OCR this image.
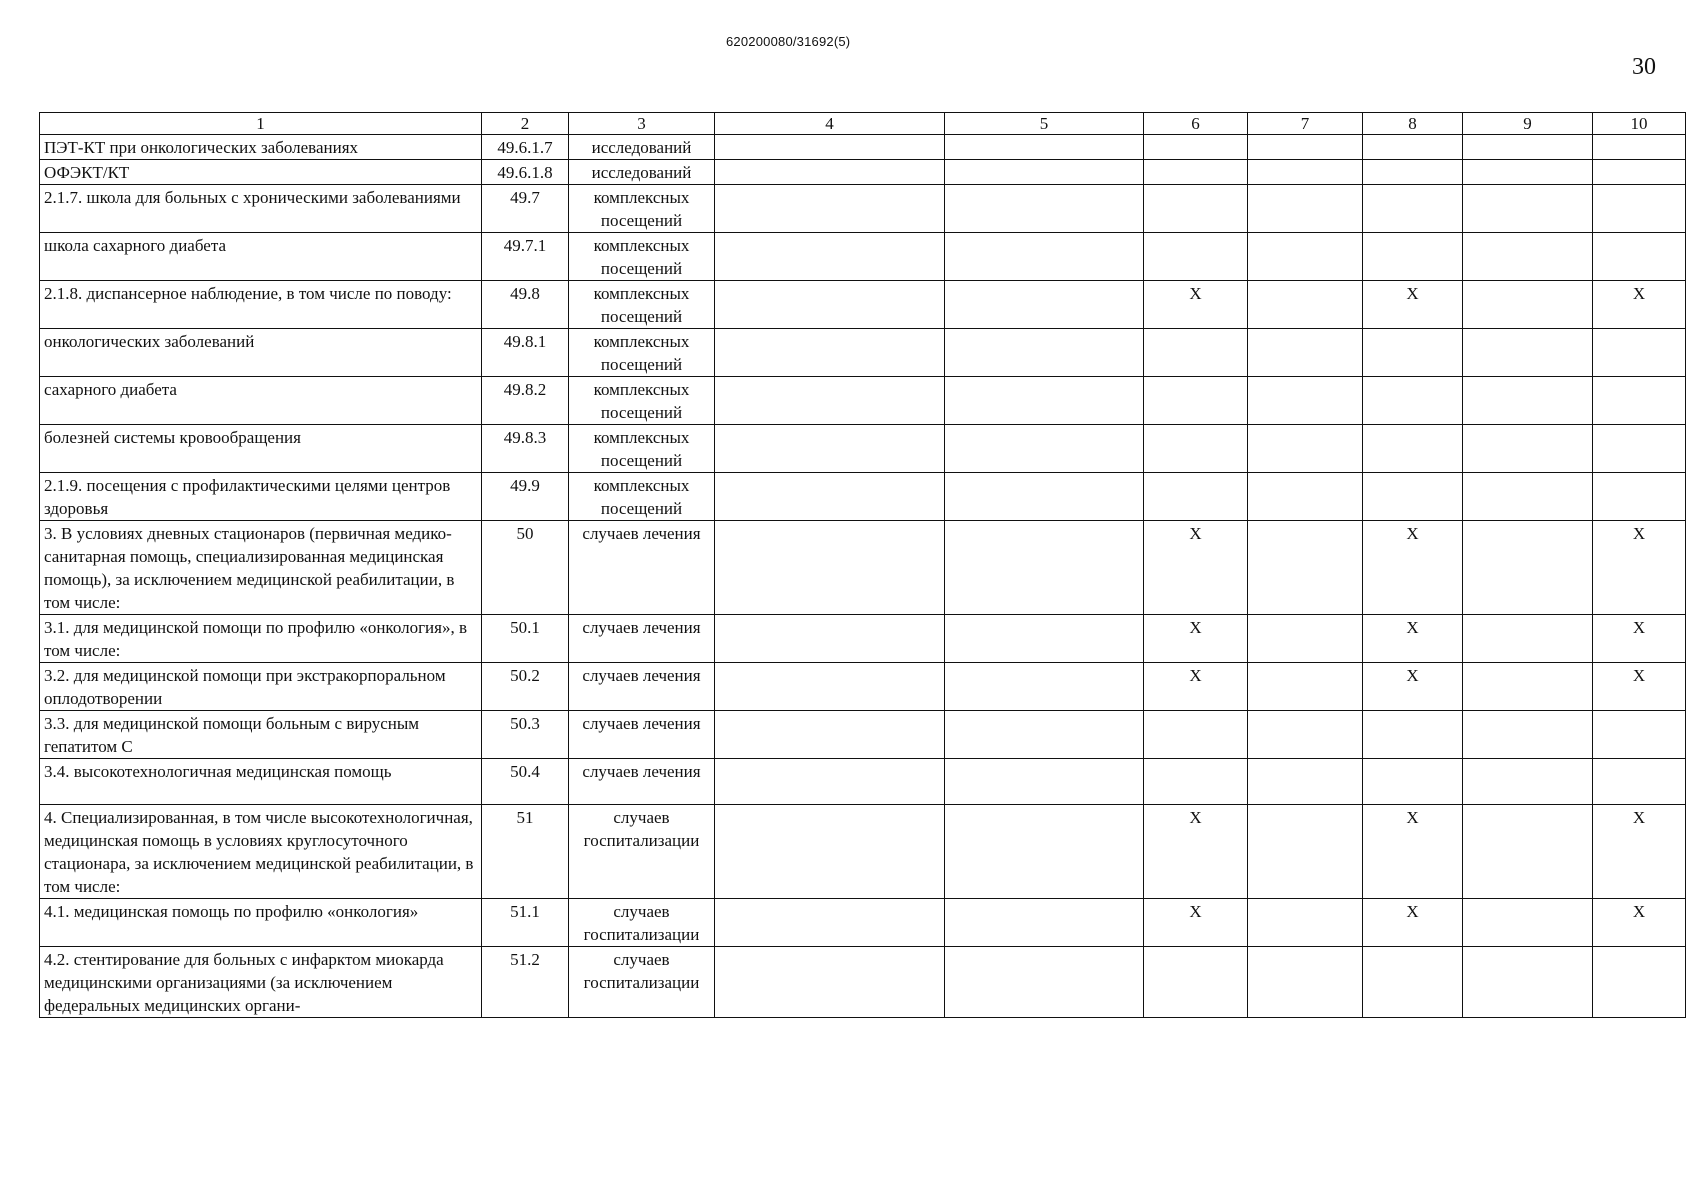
620200080/31692(5)
30
1	2	3	4	5	6	7	8	9	10
ПЭТ-КТ при онкологических заболеваниях	49.6.1.7	исследований							
ОФЭКТ/КТ	49.6.1.8	исследований							
2.1.7. школа для больных с хроническими заболеваниями	49.7	комплексных посещений							
школа сахарного диабета	49.7.1	комплексных посещений							
2.1.8. диспансерное наблюдение, в том числе по поводу:	49.8	комплексных посещений			X		X		X
онкологических заболеваний	49.8.1	комплексных посещений							
сахарного диабета	49.8.2	комплексных посещений							
болезней системы кровообращения	49.8.3	комплексных посещений							
2.1.9. посещения с профилактическими целями центров здоровья	49.9	комплексных посещений							
3. В условиях дневных стационаров (первичная медико-санитарная помощь, специализированная медицинская помощь), за исключением медицинской реабилитации, в том числе:	50	случаев лечения			X		X		X
3.1. для медицинской помощи по профилю «онкология», в том числе:	50.1	случаев лечения			X		X		X
3.2. для медицинской помощи при экстракорпоральном оплодотворении	50.2	случаев лечения			X		X		X
3.3. для медицинской помощи больным с вирусным гепатитом С	50.3	случаев лечения							
3.4. высокотехнологичная медицинская помощь	50.4	случаев лечения							
4. Специализированная, в том числе высокотехнологичная, медицинская помощь в условиях круглосуточного стационара, за исключением медицинской реабилитации, в том числе:	51	случаев госпитализации			X		X		X
4.1. медицинская помощь по профилю «онкология»	51.1	случаев госпитализации			X		X		X
4.2. стентирование для больных с инфарктом миокарда медицинскими организациями (за исключением федеральных медицинских органи-	51.2	случаев госпитализации							
